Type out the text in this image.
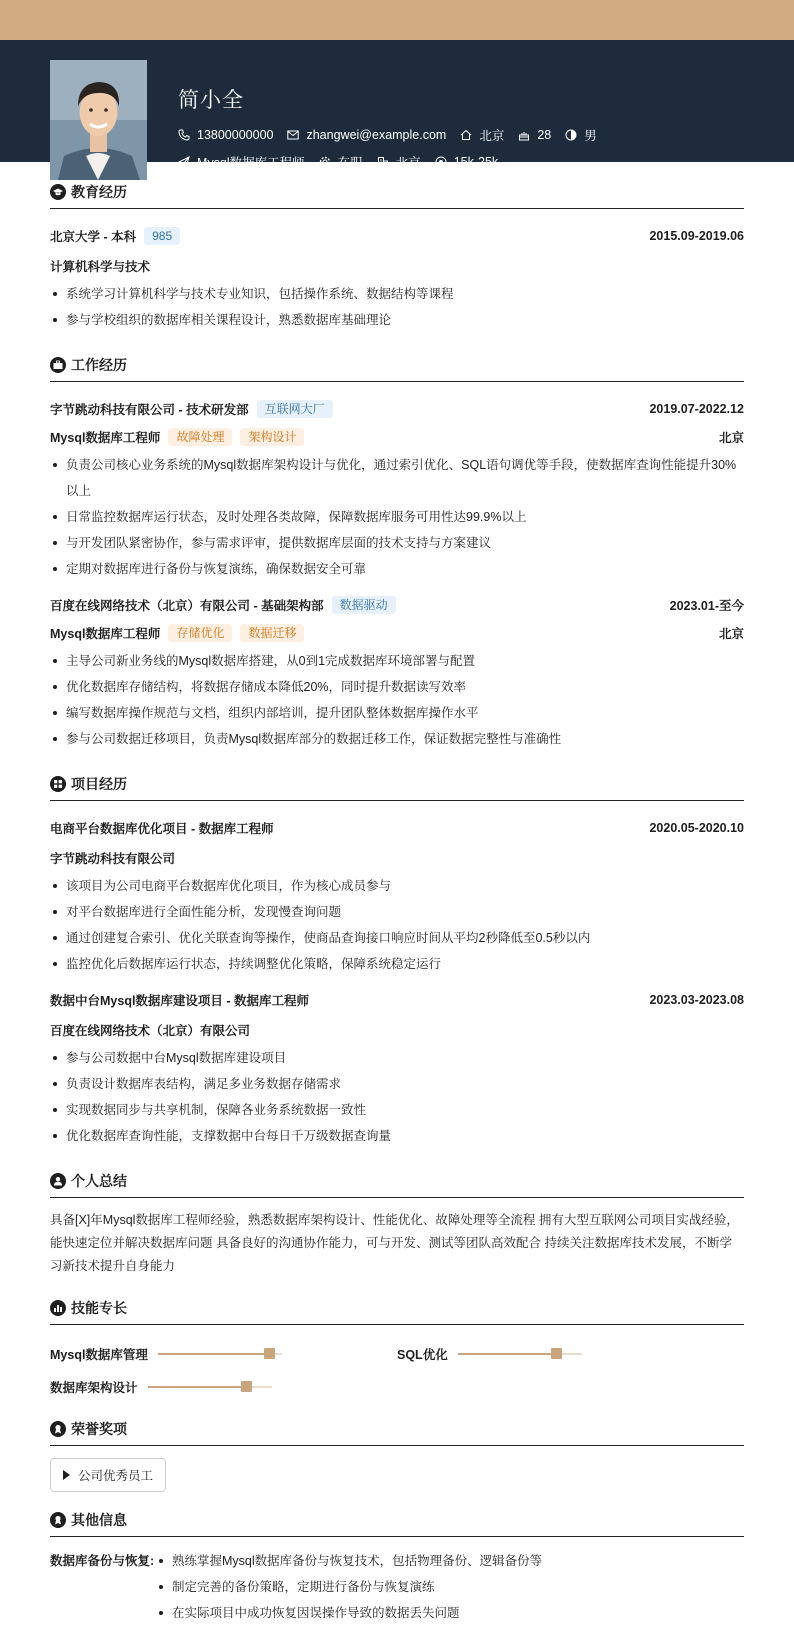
简小全
13800000000	zhangwei@example.com	北京	28	男
Mysql数据库工程师	在职	北京	15k-25k
教育经历
北京大学 - 本科	985	2015.09-2019.06
计算机科学与技术
系统学习计算机科学与技术专业知识，包括操作系统、数据结构等课程
参与学校组织的数据库相关课程设计，熟悉数据库基础理论
工作经历
字节跳动科技有限公司 - 技术研发部	互联网大厂	2019.07-2022.12
Mysql数据库工程师	故障处理	架构设计	北京
负责公司核心业务系统的Mysql数据库架构设计与优化，通过索引优化、SQL语句调优等手段，使数据库查询性能提升30%以上
日常监控数据库运行状态，及时处理各类故障，保障数据库服务可用性达99.9%以上
与开发团队紧密协作，参与需求评审，提供数据库层面的技术支持与方案建议
定期对数据库进行备份与恢复演练，确保数据安全可靠
百度在线网络技术（北京）有限公司 - 基础架构部	数据驱动	2023.01-至今
Mysql数据库工程师	存储优化	数据迁移	北京
主导公司新业务线的Mysql数据库搭建，从0到1完成数据库环境部署与配置
优化数据库存储结构，将数据存储成本降低20%，同时提升数据读写效率
编写数据库操作规范与文档，组织内部培训，提升团队整体数据库操作水平
参与公司数据迁移项目，负责Mysql数据库部分的数据迁移工作，保证数据完整性与准确性
项目经历
电商平台数据库优化项目 - 数据库工程师	2020.05-2020.10
字节跳动科技有限公司
该项目为公司电商平台数据库优化项目，作为核心成员参与
对平台数据库进行全面性能分析，发现慢查询问题
通过创建复合索引、优化关联查询等操作，使商品查询接口响应时间从平均2秒降低至0.5秒以内
监控优化后数据库运行状态，持续调整优化策略，保障系统稳定运行
数据中台Mysql数据库建设项目 - 数据库工程师	2023.03-2023.08
百度在线网络技术（北京）有限公司
参与公司数据中台Mysql数据库建设项目
负责设计数据库表结构，满足多业务数据存储需求
实现数据同步与共享机制，保障各业务系统数据一致性
优化数据库查询性能，支撑数据中台每日千万级数据查询量
个人总结
具备[X]年Mysql数据库工程师经验，熟悉数据库架构设计、性能优化、故障处理等全流程 拥有大型互联网公司项目实战经验，能快速定位并解决数据库问题 具备良好的沟通协作能力，可与开发、测试等团队高效配合 持续关注数据库技术发展，不断学习新技术提升自身能力
技能专长
Mysql数据库管理	SQL优化
数据库架构设计
荣誉奖项
公司优秀员工
其他信息
数据库备份与恢复:	熟练掌握Mysql数据库备份与恢复技术，包括物理备份、逻辑备份等
制定完善的备份策略，定期进行备份与恢复演练
在实际项目中成功恢复因误操作导致的数据丢失问题
